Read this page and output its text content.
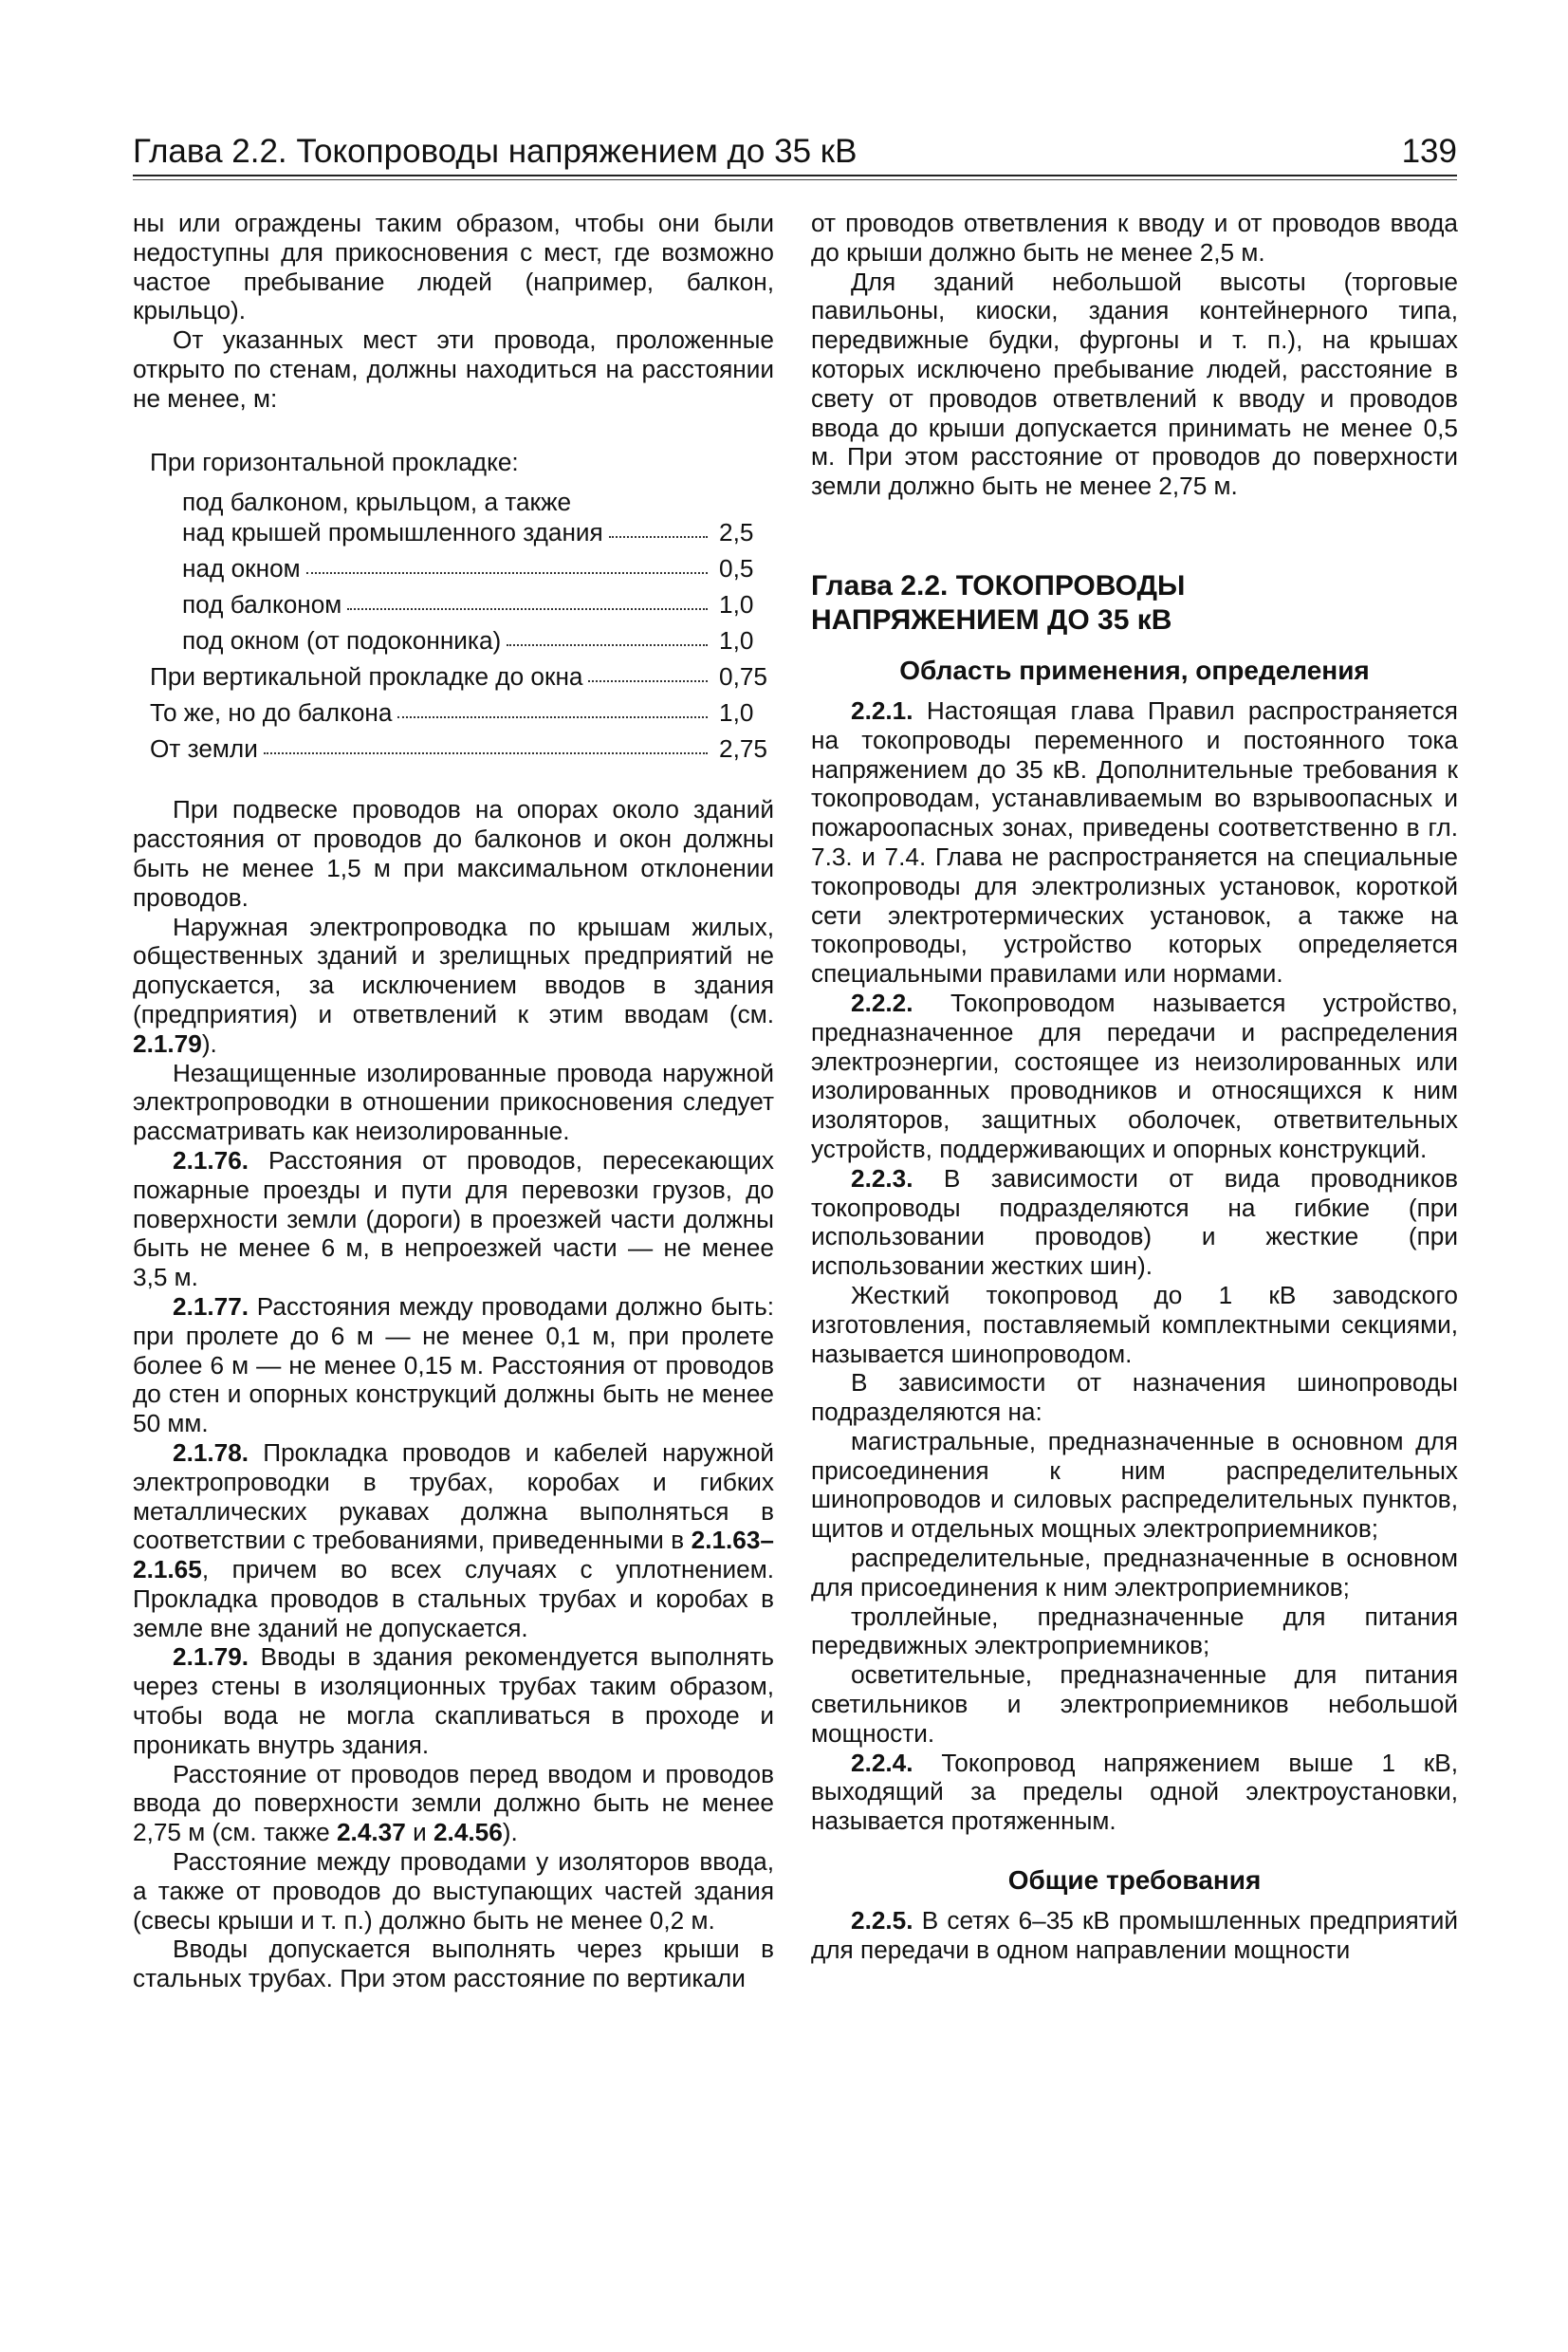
Глава 2.2. Токопроводы напряжением до 35 кВ	139

ны или ограждены таким образом, чтобы они были недоступны для прикосновения с мест, где возможно частое пребывание людей (например, балкон, крыльцо).

От указанных мест эти провода, проложенные открыто по стенам, должны находиться на расстоянии не менее, м:

При горизонтальной прокладке:

под балконом, крыльцом, а также
над крышей промышленного здания	2,5
над окном	0,5
под балконом	1,0
под окном (от подоконника)	1,0
При вертикальной прокладке до окна	0,75
То же, но до балкона	1,0
От земли	2,75

При подвеске проводов на опорах около зданий расстояния от проводов до балконов и окон должны быть не менее 1,5 м при максимальном отклонении проводов.

Наружная электропроводка по крышам жилых, общественных зданий и зрелищных предприятий не допускается, за исключением вводов в здания (предприятия) и ответвлений к этим вводам (см. 2.1.79).

Незащищенные изолированные провода наружной электропроводки в отношении прикосновения следует рассматривать как неизолированные.

2.1.76. Расстояния от проводов, пересекающих пожарные проезды и пути для перевозки грузов, до поверхности земли (дороги) в проезжей части должны быть не менее 6 м, в непроезжей части — не менее 3,5 м.

2.1.77. Расстояния между проводами должно быть: при пролете до 6 м — не менее 0,1 м, при пролете более 6 м — не менее 0,15 м. Расстояния от проводов до стен и опорных конструкций должны быть не менее 50 мм.

2.1.78. Прокладка проводов и кабелей наружной электропроводки в трубах, коробах и гибких металлических рукавах должна выполняться в соответствии с требованиями, приведенными в 2.1.63–2.1.65, причем во всех случаях с уплотнением. Прокладка проводов в стальных трубах и коробах в земле вне зданий не допускается.

2.1.79. Вводы в здания рекомендуется выполнять через стены в изоляционных трубах таким образом, чтобы вода не могла скапливаться в проходе и проникать внутрь здания.

Расстояние от проводов перед вводом и проводов ввода до поверхности земли должно быть не менее 2,75 м (см. также 2.4.37 и 2.4.56).

Расстояние между проводами у изоляторов ввода, а также от проводов до выступающих частей здания (свесы крыши и т. п.) должно быть не менее 0,2 м.

Вводы допускается выполнять через крыши в стальных трубах. При этом расстояние по вертикали

от проводов ответвления к вводу и от проводов ввода до крыши должно быть не менее 2,5 м.

Для зданий небольшой высоты (торговые павильоны, киоски, здания контейнерного типа, передвижные будки, фургоны и т. п.), на крышах которых исключено пребывание людей, расстояние в свету от проводов ответвлений к вводу и проводов ввода до крыши допускается принимать не менее 0,5 м. При этом расстояние от проводов до поверхности земли должно быть не менее 2,75 м.

Глава 2.2. ТОКОПРОВОДЫ
НАПРЯЖЕНИЕМ ДО 35 кВ
Область применения, определения

2.2.1. Настоящая глава Правил распространяется на токопроводы переменного и постоянного тока напряжением до 35 кВ. Дополнительные требования к токопроводам, устанавливаемым во взрывоопасных и пожароопасных зонах, приведены соответственно в гл. 7.3. и 7.4. Глава не распространяется на специальные токопроводы для электролизных установок, короткой сети электротермических установок, а также на токопроводы, устройство которых определяется специальными правилами или нормами.

2.2.2. Токопроводом называется устройство, предназначенное для передачи и распределения электроэнергии, состоящее из неизолированных или изолированных проводников и относящихся к ним изоляторов, защитных оболочек, ответвительных устройств, поддерживающих и опорных конструкций.

2.2.3. В зависимости от вида проводников токопроводы подразделяются на гибкие (при использовании проводов) и жесткие (при использовании жестких шин).

Жесткий токопровод до 1 кВ заводского изготовления, поставляемый комплектными секциями, называется шинопроводом.

В зависимости от назначения шинопроводы подразделяются на:

магистральные, предназначенные в основном для присоединения к ним распределительных шинопроводов и силовых распределительных пунктов, щитов и отдельных мощных электроприемников;

распределительные, предназначенные в основном для присоединения к ним электроприемников;

троллейные, предназначенные для питания передвижных электроприемников;

осветительные, предназначенные для питания светильников и электроприемников небольшой мощности.

2.2.4. Токопровод напряжением выше 1 кВ, выходящий за пределы одной электроустановки, называется протяженным.

Общие требования

2.2.5. В сетях 6–35 кВ промышленных предприятий для передачи в одном направлении мощности
